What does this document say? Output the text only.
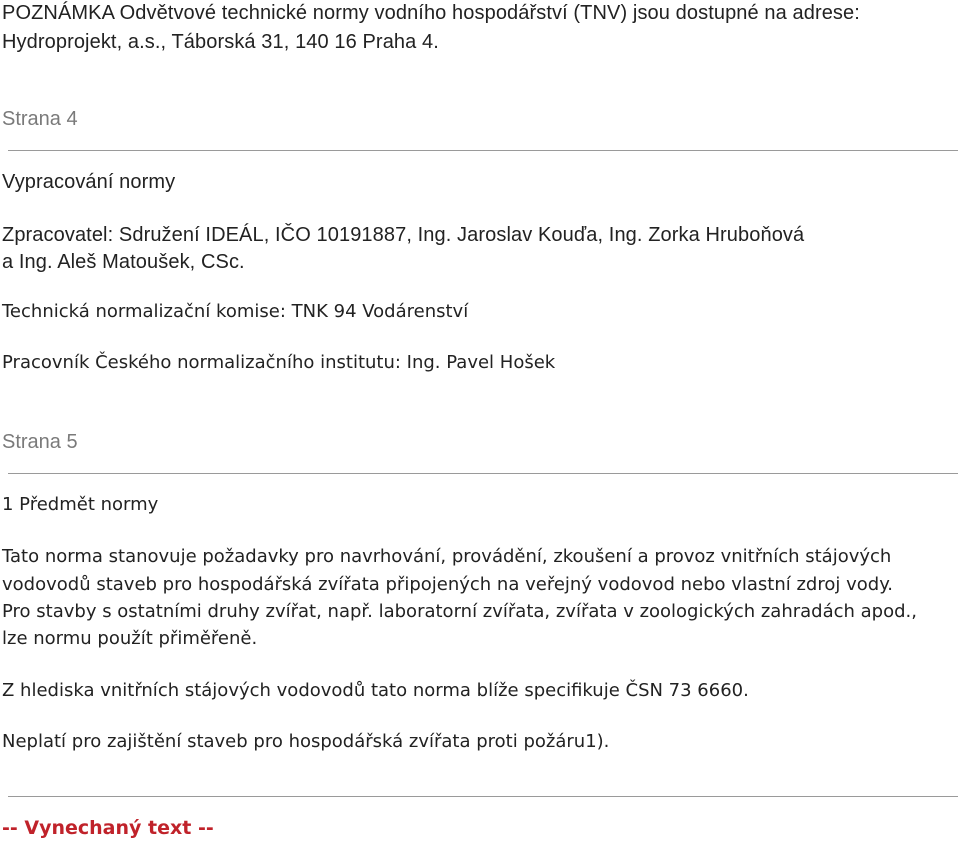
POZNÁMKA Odvětvové technické normy vodního hospodářství (TNV) jsou dostupné na adrese:

Hydroprojekt, a.s., Táborská 31, 140 16 Praha 4.

Strana 4

Vypracování normy

Zpracovatel: Sdružení IDEÁL, IČO 10191887, Ing. Jaroslav Kouďa, Ing. Zorka Hruboňová

a Ing. Aleš Matoušek, CSc.

Technická normalizační komise: TNK 94 Vodárenství

Pracovník Českého normalizačního institutu: Ing. Pavel Hošek

Strana 5

1 Předmět normy

Tato norma stanovuje požadavky pro navrhování, provádění, zkoušení a provoz vnitřních stájových

vodovodů staveb pro hospodářská zvířata připojených na veřejný vodovod nebo vlastní zdroj vody.

Pro stavby s ostatními druhy zvířat, např. laboratorní zvířata, zvířata v zoologických zahradách apod.,

lze normu použít přiměřeně.

Z hlediska vnitřních stájových vodovodů tato norma blíže specifikuje ČSN 73 6660.

Neplatí pro zajištění staveb pro hospodářská zvířata proti požáru1).

-- Vynechaný text --
